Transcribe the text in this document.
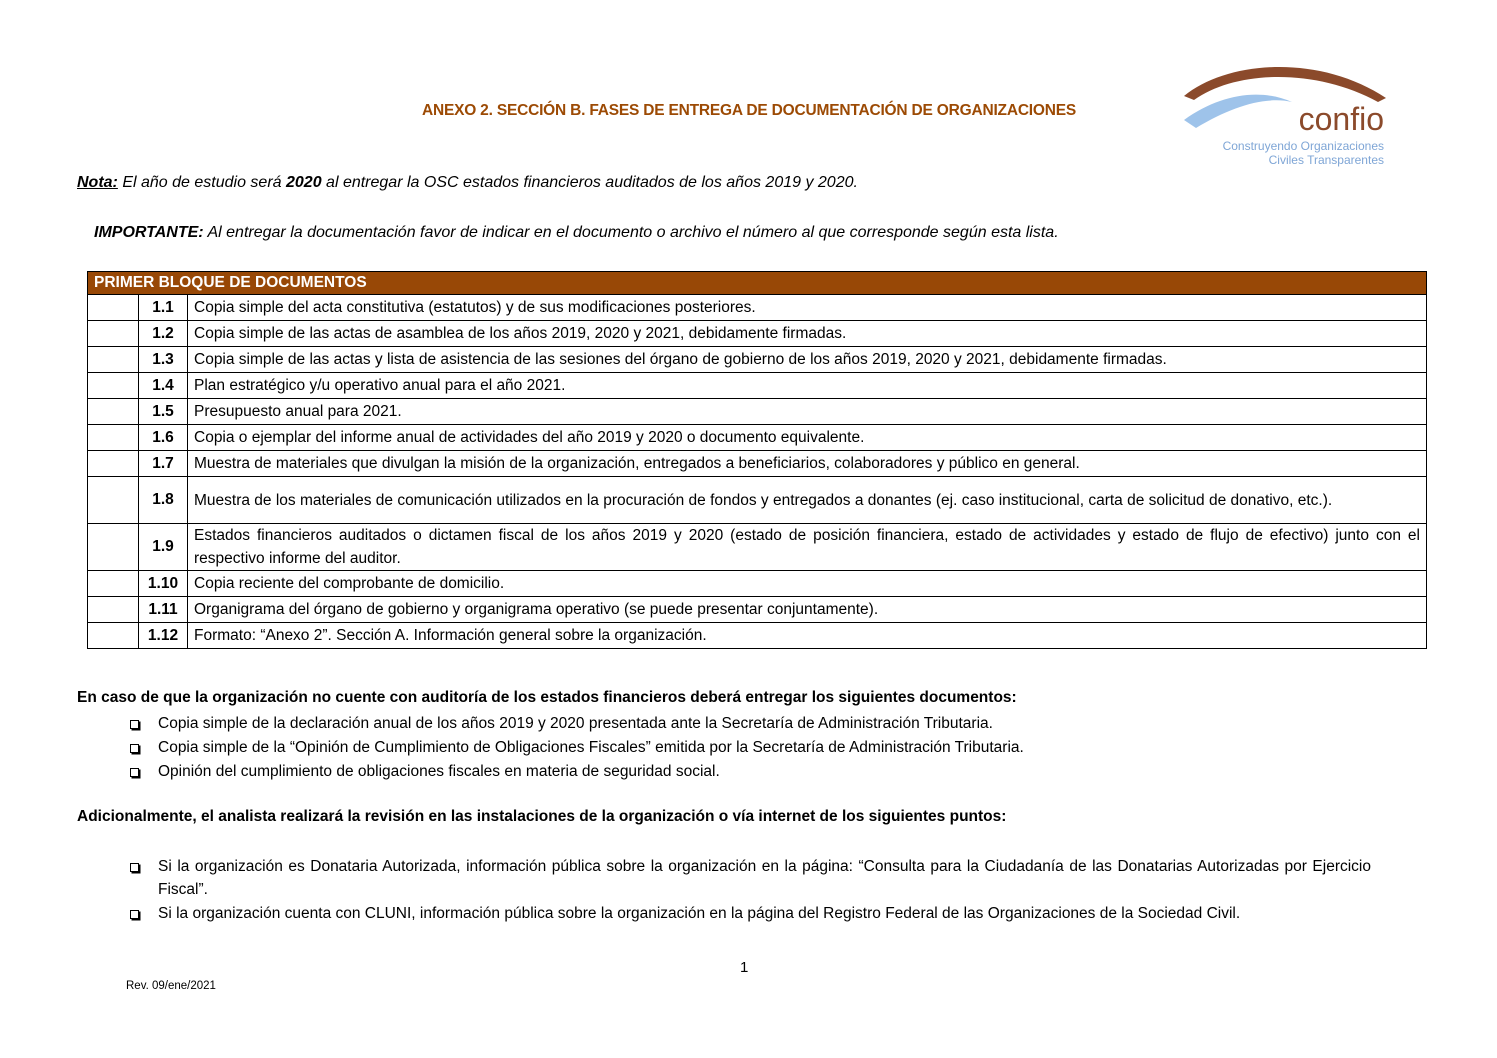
ANEXO 2. SECCIÓN B. FASES DE ENTREGA DE DOCUMENTACIÓN DE ORGANIZACIONES	confio
Construyendo Organizaciones
Civiles Transparentes
Nota: El año de estudio será 2020 al entregar la OSC estados financieros auditados de los años 2019 y 2020.
IMPORTANTE: Al entregar la documentación favor de indicar en el documento o archivo el número al que corresponde según esta lista.
PRIMER BLOQUE DE DOCUMENTOS		
	1.1	Copia simple del acta constitutiva (estatutos) y de sus modificaciones posteriores.
	1.2	Copia simple de las actas de asamblea de los años 2019, 2020 y 2021, debidamente firmadas.
	1.3	Copia simple de las actas y lista de asistencia de las sesiones del órgano de gobierno de los años 2019, 2020 y 2021, debidamente firmadas.
	1.4	Plan estratégico y/u operativo anual para el año 2021.
	1.5	Presupuesto anual para 2021.
	1.6	Copia o ejemplar del informe anual de actividades del año 2019 y 2020 o documento equivalente.
	1.7	Muestra de materiales que divulgan la misión de la organización, entregados a beneficiarios, colaboradores y público en general.
	1.8	Muestra de los materiales de comunicación utilizados en la procuración de fondos y entregados a donantes (ej. caso institucional, carta de solicitud de donativo, etc.).
	1.9	Estados financieros auditados o dictamen fiscal de los años 2019 y 2020 (estado de posición financiera, estado de actividades y estado de flujo de efectivo) junto con el respectivo informe del auditor.
	1.10	Copia reciente del comprobante de domicilio.
	1.11	Organigrama del órgano de gobierno y organigrama operativo (se puede presentar conjuntamente).
	1.12	Formato: “Anexo 2”. Sección A. Información general sobre la organización.
En caso de que la organización no cuente con auditoría de los estados financieros deberá entregar los siguientes documentos:
Copia simple de la declaración anual de los años 2019 y 2020 presentada ante la Secretaría de Administración Tributaria.
Copia simple de la “Opinión de Cumplimiento de Obligaciones Fiscales” emitida por la Secretaría de Administración Tributaria.
Opinión del cumplimiento de obligaciones fiscales en materia de seguridad social.
Adicionalmente, el analista realizará la revisión en las instalaciones de la organización o vía internet de los siguientes puntos:
Si la organización es Donataria Autorizada, información pública sobre la organización en la página: “Consulta para la Ciudadanía de las Donatarias Autorizadas por Ejercicio Fiscal”.
Si la organización cuenta con CLUNI, información pública sobre la organización en la página del Registro Federal de las Organizaciones de la Sociedad Civil.
1
Rev. 09/ene/2021
